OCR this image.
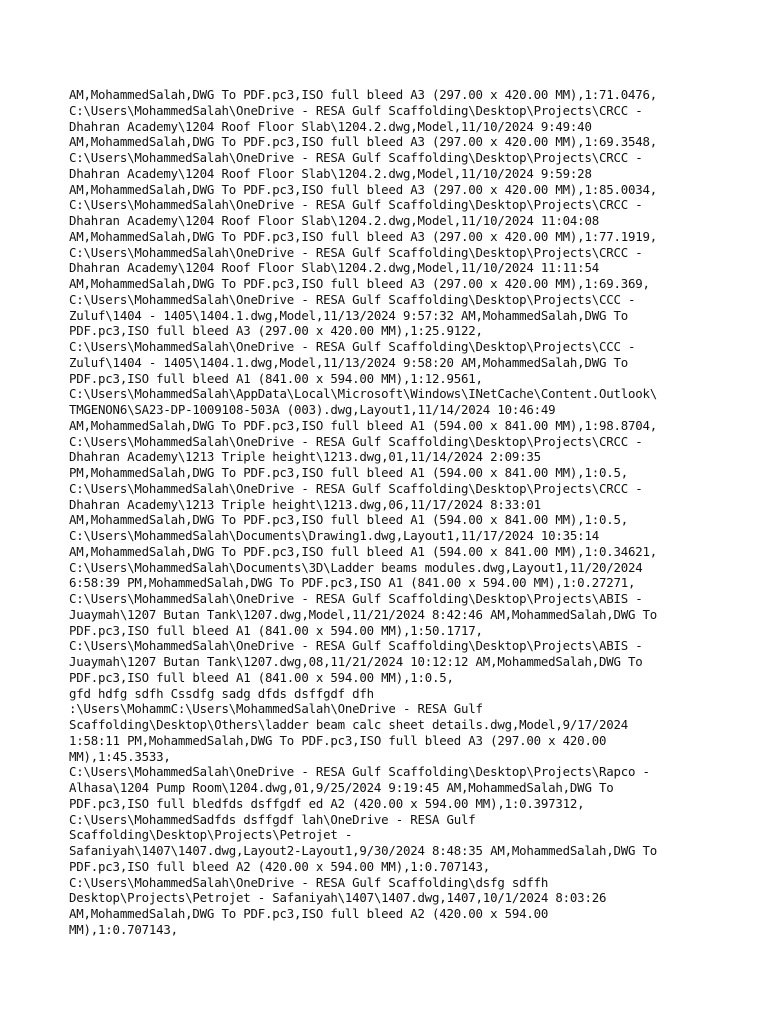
AM,MohammedSalah,DWG To PDF.pc3,ISO full bleed A3 (297.00 x 420.00 MM),1:71.0476,
C:\Users\MohammedSalah\OneDrive - RESA Gulf Scaffolding\Desktop\Projects\CRCC -
Dhahran Academy\1204 Roof Floor Slab\1204.2.dwg,Model,11/10/2024 9:49:40
AM,MohammedSalah,DWG To PDF.pc3,ISO full bleed A3 (297.00 x 420.00 MM),1:69.3548,
C:\Users\MohammedSalah\OneDrive - RESA Gulf Scaffolding\Desktop\Projects\CRCC -
Dhahran Academy\1204 Roof Floor Slab\1204.2.dwg,Model,11/10/2024 9:59:28
AM,MohammedSalah,DWG To PDF.pc3,ISO full bleed A3 (297.00 x 420.00 MM),1:85.0034,
C:\Users\MohammedSalah\OneDrive - RESA Gulf Scaffolding\Desktop\Projects\CRCC -
Dhahran Academy\1204 Roof Floor Slab\1204.2.dwg,Model,11/10/2024 11:04:08
AM,MohammedSalah,DWG To PDF.pc3,ISO full bleed A3 (297.00 x 420.00 MM),1:77.1919,
C:\Users\MohammedSalah\OneDrive - RESA Gulf Scaffolding\Desktop\Projects\CRCC -
Dhahran Academy\1204 Roof Floor Slab\1204.2.dwg,Model,11/10/2024 11:11:54
AM,MohammedSalah,DWG To PDF.pc3,ISO full bleed A3 (297.00 x 420.00 MM),1:69.369,
C:\Users\MohammedSalah\OneDrive - RESA Gulf Scaffolding\Desktop\Projects\CCC -
Zuluf\1404 - 1405\1404.1.dwg,Model,11/13/2024 9:57:32 AM,MohammedSalah,DWG To
PDF.pc3,ISO full bleed A3 (297.00 x 420.00 MM),1:25.9122,
C:\Users\MohammedSalah\OneDrive - RESA Gulf Scaffolding\Desktop\Projects\CCC -
Zuluf\1404 - 1405\1404.1.dwg,Model,11/13/2024 9:58:20 AM,MohammedSalah,DWG To
PDF.pc3,ISO full bleed A1 (841.00 x 594.00 MM),1:12.9561,
C:\Users\MohammedSalah\AppData\Local\Microsoft\Windows\INetCache\Content.Outlook\
TMGENON6\SA23-DP-1009108-503A (003).dwg,Layout1,11/14/2024 10:46:49
AM,MohammedSalah,DWG To PDF.pc3,ISO full bleed A1 (594.00 x 841.00 MM),1:98.8704,
C:\Users\MohammedSalah\OneDrive - RESA Gulf Scaffolding\Desktop\Projects\CRCC -
Dhahran Academy\1213 Triple height\1213.dwg,01,11/14/2024 2:09:35
PM,MohammedSalah,DWG To PDF.pc3,ISO full bleed A1 (594.00 x 841.00 MM),1:0.5,
C:\Users\MohammedSalah\OneDrive - RESA Gulf Scaffolding\Desktop\Projects\CRCC -
Dhahran Academy\1213 Triple height\1213.dwg,06,11/17/2024 8:33:01
AM,MohammedSalah,DWG To PDF.pc3,ISO full bleed A1 (594.00 x 841.00 MM),1:0.5,
C:\Users\MohammedSalah\Documents\Drawing1.dwg,Layout1,11/17/2024 10:35:14
AM,MohammedSalah,DWG To PDF.pc3,ISO full bleed A1 (594.00 x 841.00 MM),1:0.34621,
C:\Users\MohammedSalah\Documents\3D\Ladder beams modules.dwg,Layout1,11/20/2024
6:58:39 PM,MohammedSalah,DWG To PDF.pc3,ISO A1 (841.00 x 594.00 MM),1:0.27271,
C:\Users\MohammedSalah\OneDrive - RESA Gulf Scaffolding\Desktop\Projects\ABIS -
Juaymah\1207 Butan Tank\1207.dwg,Model,11/21/2024 8:42:46 AM,MohammedSalah,DWG To
PDF.pc3,ISO full bleed A1 (841.00 x 594.00 MM),1:50.1717,
C:\Users\MohammedSalah\OneDrive - RESA Gulf Scaffolding\Desktop\Projects\ABIS -
Juaymah\1207 Butan Tank\1207.dwg,08,11/21/2024 10:12:12 AM,MohammedSalah,DWG To
PDF.pc3,ISO full bleed A1 (841.00 x 594.00 MM),1:0.5,
gfd hdfg sdfh Cssdfg sadg dfds dsffgdf dfh
:\Users\MohammC:\Users\MohammedSalah\OneDrive - RESA Gulf
Scaffolding\Desktop\Others\ladder beam calc sheet details.dwg,Model,9/17/2024
1:58:11 PM,MohammedSalah,DWG To PDF.pc3,ISO full bleed A3 (297.00 x 420.00
MM),1:45.3533,
C:\Users\MohammedSalah\OneDrive - RESA Gulf Scaffolding\Desktop\Projects\Rapco -
Alhasa\1204 Pump Room\1204.dwg,01,9/25/2024 9:19:45 AM,MohammedSalah,DWG To
PDF.pc3,ISO full bledfds dsffgdf ed A2 (420.00 x 594.00 MM),1:0.397312,
C:\Users\MohammedSadfds dsffgdf lah\OneDrive - RESA Gulf
Scaffolding\Desktop\Projects\Petrojet -
Safaniyah\1407\1407.dwg,Layout2-Layout1,9/30/2024 8:48:35 AM,MohammedSalah,DWG To
PDF.pc3,ISO full bleed A2 (420.00 x 594.00 MM),1:0.707143,
C:\Users\MohammedSalah\OneDrive - RESA Gulf Scaffolding\dsfg sdffh
Desktop\Projects\Petrojet - Safaniyah\1407\1407.dwg,1407,10/1/2024 8:03:26
AM,MohammedSalah,DWG To PDF.pc3,ISO full bleed A2 (420.00 x 594.00
MM),1:0.707143,
